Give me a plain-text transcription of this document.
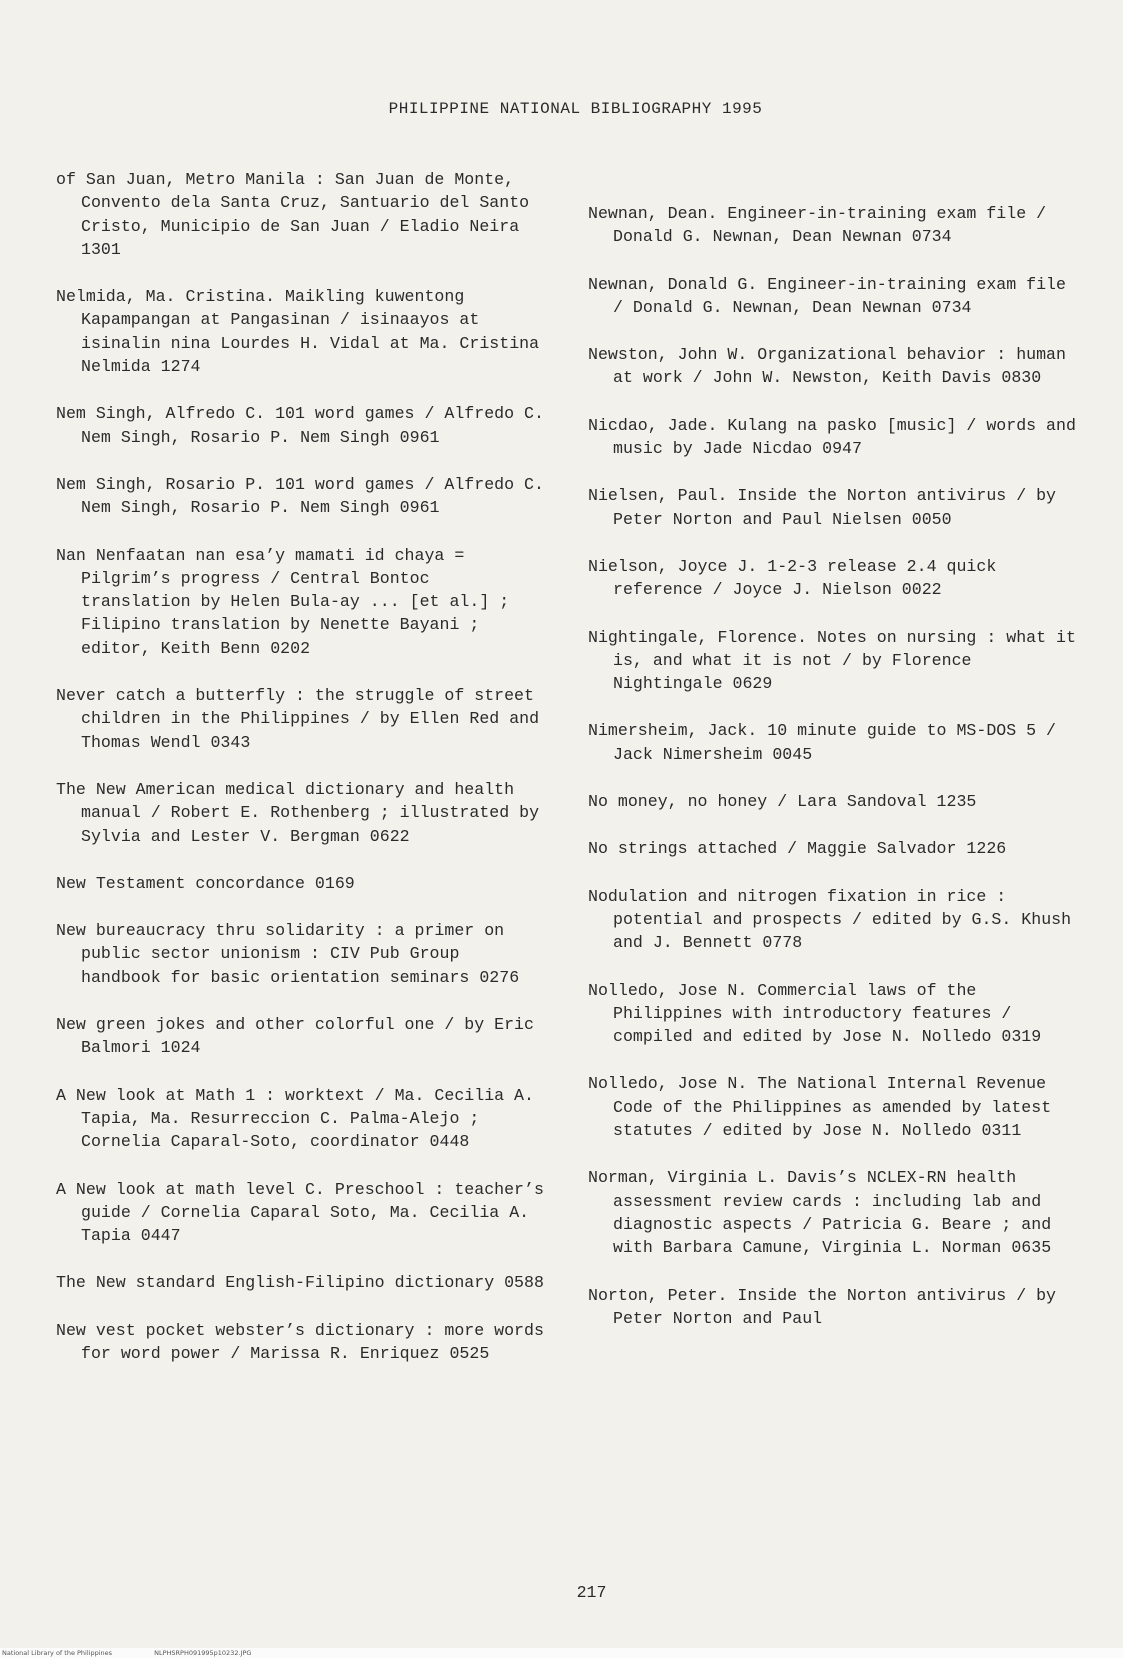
PHILIPPINE NATIONAL BIBLIOGRAPHY 1995

of San Juan, Metro Manila : San Juan de Monte, Convento dela Santa Cruz, Santuario del Santo Cristo, Municipio de San Juan / Eladio Neira 1301

Nelmida, Ma. Cristina. Maikling kuwentong Kapampangan at Pangasinan / isinaayos at isinalin nina Lourdes H. Vidal at Ma. Cristina Nelmida 1274

Nem Singh, Alfredo C. 101 word games / Alfredo C. Nem Singh, Rosario P. Nem Singh 0961

Nem Singh, Rosario P. 101 word games / Alfredo C. Nem Singh, Rosario P. Nem Singh 0961

Nan Nenfaatan nan esa’y mamati id chaya = Pilgrim’s progress / Central Bontoc translation by Helen Bula-ay ... [et al.] ; Filipino translation by Nenette Bayani ; editor, Keith Benn 0202

Never catch a butterfly : the struggle of street children in the Philippines / by Ellen Red and Thomas Wendl 0343

The New American medical dictionary and health manual / Robert E. Rothenberg ; illustrated by Sylvia and Lester V. Bergman 0622

New Testament concordance 0169

New bureaucracy thru solidarity : a primer on public sector unionism : CIV Pub Group handbook for basic orientation seminars 0276

New green jokes and other colorful one / by Eric Balmori 1024

A New look at Math 1 : worktext / Ma. Cecilia A. Tapia, Ma. Resurreccion C. Palma-Alejo ; Cornelia Caparal-Soto, coordinator 0448

A New look at math level C. Preschool : teacher’s guide / Cornelia Caparal Soto, Ma. Cecilia A. Tapia 0447

The New standard English-Filipino dictionary 0588

New vest pocket webster’s dictionary : more words for word power / Marissa R. Enriquez 0525

Newnan, Dean. Engineer-in-training exam file / Donald G. Newnan, Dean Newnan 0734

Newnan, Donald G. Engineer-in-training exam file / Donald G. Newnan, Dean Newnan 0734

Newston, John W. Organizational behavior : human at work / John W. Newston, Keith Davis 0830

Nicdao, Jade. Kulang na pasko [music] / words and music by Jade Nicdao 0947

Nielsen, Paul. Inside the Norton antivirus / by Peter Norton and Paul Nielsen 0050

Nielson, Joyce J. 1-2-3 release 2.4 quick reference / Joyce J. Nielson 0022

Nightingale, Florence. Notes on nursing : what it is, and what it is not / by Florence Nightingale 0629

Nimersheim, Jack. 10 minute guide to MS-DOS 5 / Jack Nimersheim 0045

No money, no honey / Lara Sandoval 1235

No strings attached / Maggie Salvador 1226

Nodulation and nitrogen fixation in rice : potential and prospects / edited by G.S. Khush and J. Bennett 0778

Nolledo, Jose N. Commercial laws of the Philippines with introductory features / compiled and edited by Jose N. Nolledo 0319

Nolledo, Jose N. The National Internal Revenue Code of the Philippines as amended by latest statutes / edited by Jose N. Nolledo 0311

Norman, Virginia L. Davis’s NCLEX-RN health assessment review cards : including lab and diagnostic aspects / Patricia G. Beare ; and with Barbara Camune, Virginia L. Norman 0635

Norton, Peter. Inside the Norton antivirus / by Peter Norton and Paul

217
National Library of the Philippines	NLPHSRPH091995p10232.JPG
